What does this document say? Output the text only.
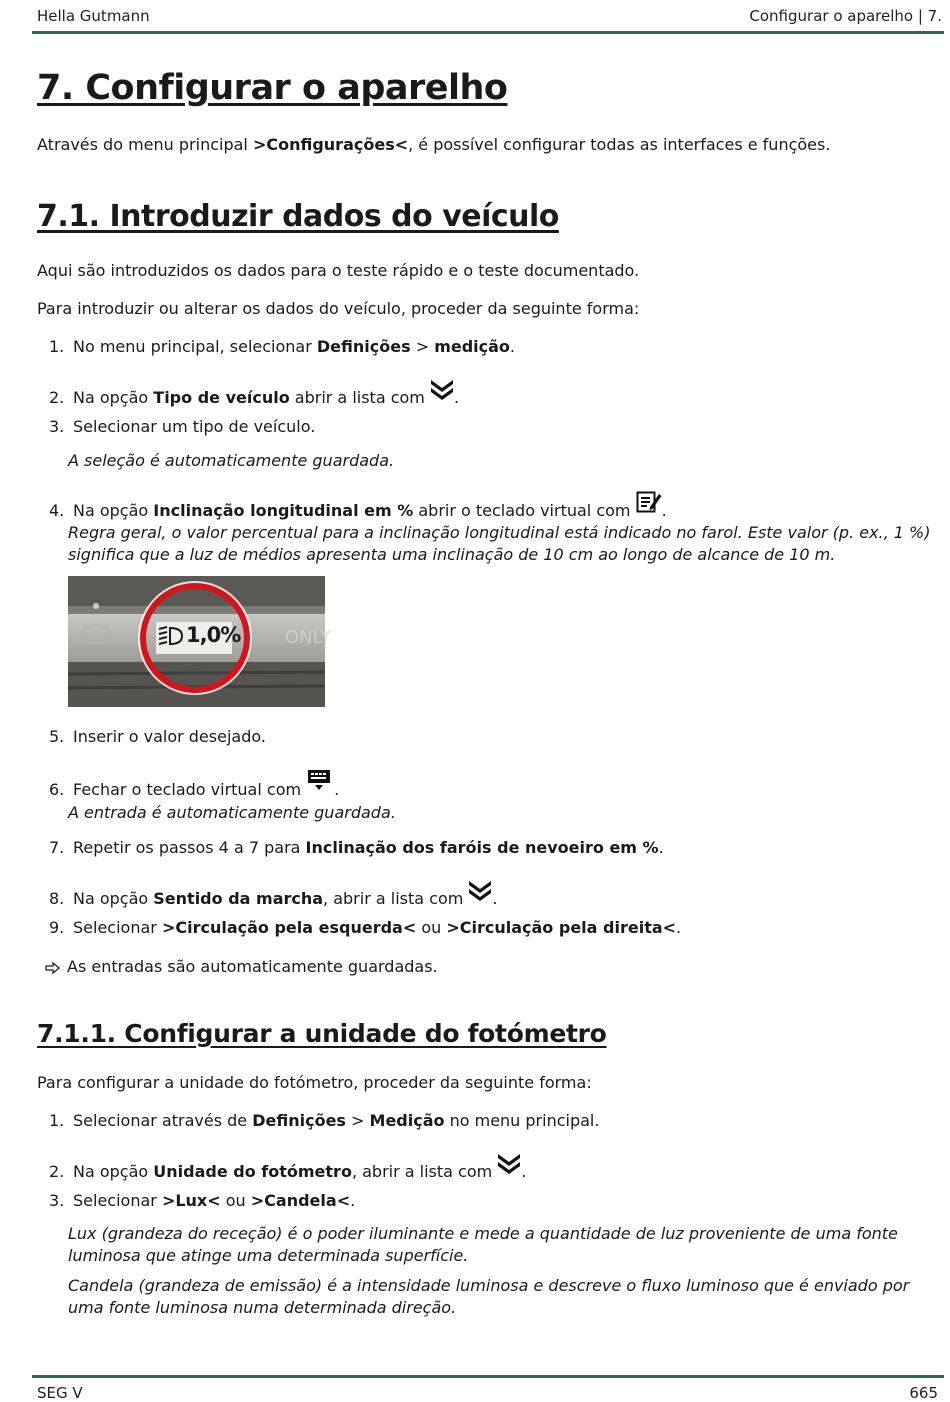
Hella Gutmann	Configurar o aparelho | 7.
7. Configurar o aparelho
Através do menu principal >Configurações<, é possível configurar todas as interfaces e funções.
7.1. Introduzir dados do veículo
Aqui são introduzidos os dados para o teste rápido e o teste documentado.
Para introduzir ou alterar os dados do veículo, proceder da seguinte forma:
1. No menu principal, selecionar Definições > medição.
2. Na opção Tipo de veículo abrir a lista com .
3. Selecionar um tipo de veículo.
A seleção é automaticamente guardada.
4. Na opção Inclinação longitudinal em % abrir o teclado virtual com .
Regra geral, o valor percentual para a inclinação longitudinal está indicado no farol. Este valor (p. ex., 1 %) significa que a luz de médios apresenta uma inclinação de 10 cm ao longo de alcance de 10 m.
ONLY
1,0%
5. Inserir o valor desejado.
6. Fechar o teclado virtual com .
A entrada é automaticamente guardada.
7. Repetir os passos 4 a 7 para Inclinação dos faróis de nevoeiro em %.
8. Na opção Sentido da marcha, abrir a lista com .
9. Selecionar >Circulação pela esquerda< ou >Circulação pela direita<.
As entradas são automaticamente guardadas.
7.1.1. Configurar a unidade do fotómetro
Para configurar a unidade do fotómetro, proceder da seguinte forma:
1. Selecionar através de Definições > Medição no menu principal.
2. Na opção Unidade do fotómetro, abrir a lista com .
3. Selecionar >Lux< ou >Candela<.
Lux (grandeza do receção) é o poder iluminante e mede a quantidade de luz proveniente de uma fonte luminosa que atinge uma determinada superfície.
Candela (grandeza de emissão) é a intensidade luminosa e descreve o fluxo luminoso que é enviado por uma fonte luminosa numa determinada direção.
SEG V	665
